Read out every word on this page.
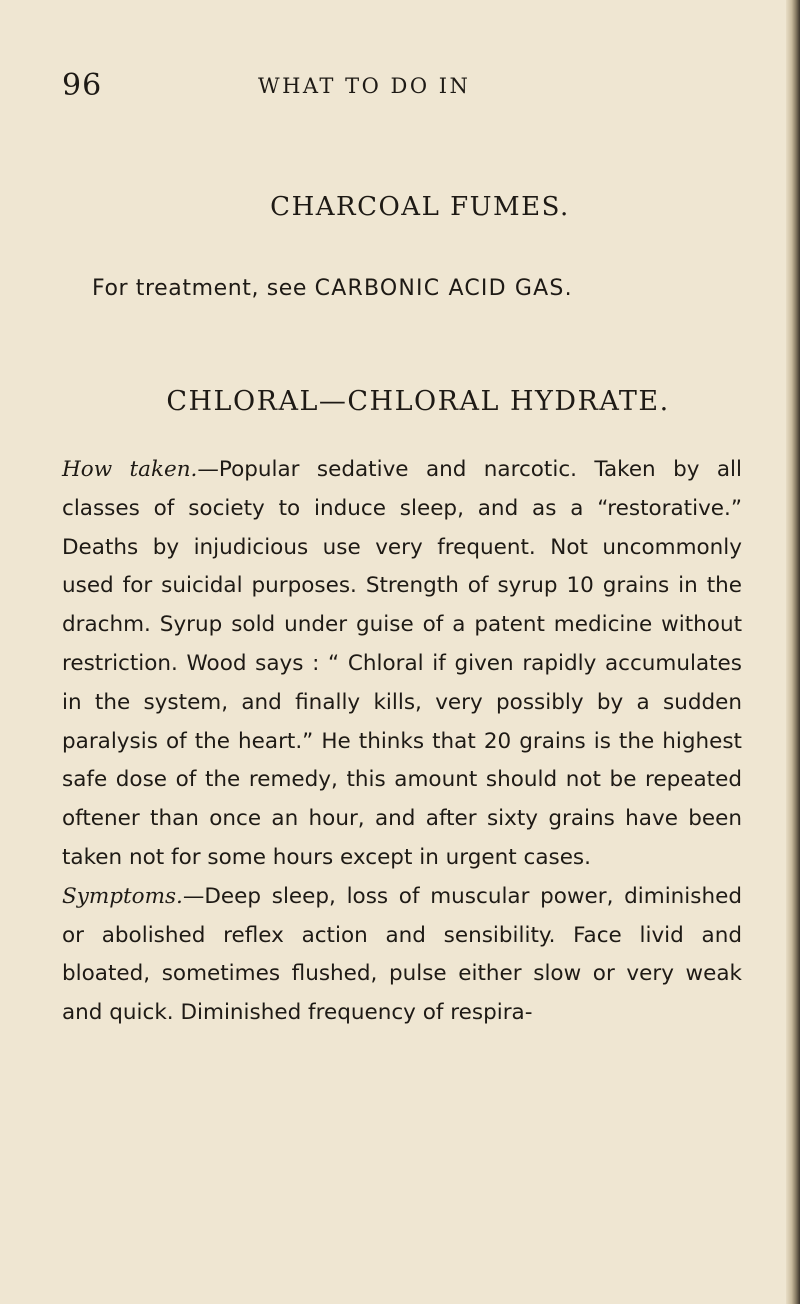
96	WHAT TO DO IN
CHARCOAL FUMES.
For treatment, see CARBONIC ACID GAS.
CHLORAL—CHLORAL HYDRATE.

How taken.—Popular sedative and narcotic. Taken by all classes of society to induce sleep, and as a “restorative.” Deaths by injudicious use very frequent. Not uncommonly used for suicidal purposes. Strength of syrup 10 grains in the drachm. Syrup sold under guise of a patent medicine without restriction. Wood says : “ Chloral if given rapidly accumulates in the system, and finally kills, very possibly by a sudden paralysis of the heart.” He thinks that 20 grains is the highest safe dose of the remedy, this amount should not be repeated oftener than once an hour, and after sixty grains have been taken not for some hours except in urgent cases.

Symptoms.—Deep sleep, loss of muscular power, diminished or abolished reflex action and sensibility. Face livid and bloated, sometimes flushed, pulse either slow or very weak and quick. Diminished frequency of respira-
